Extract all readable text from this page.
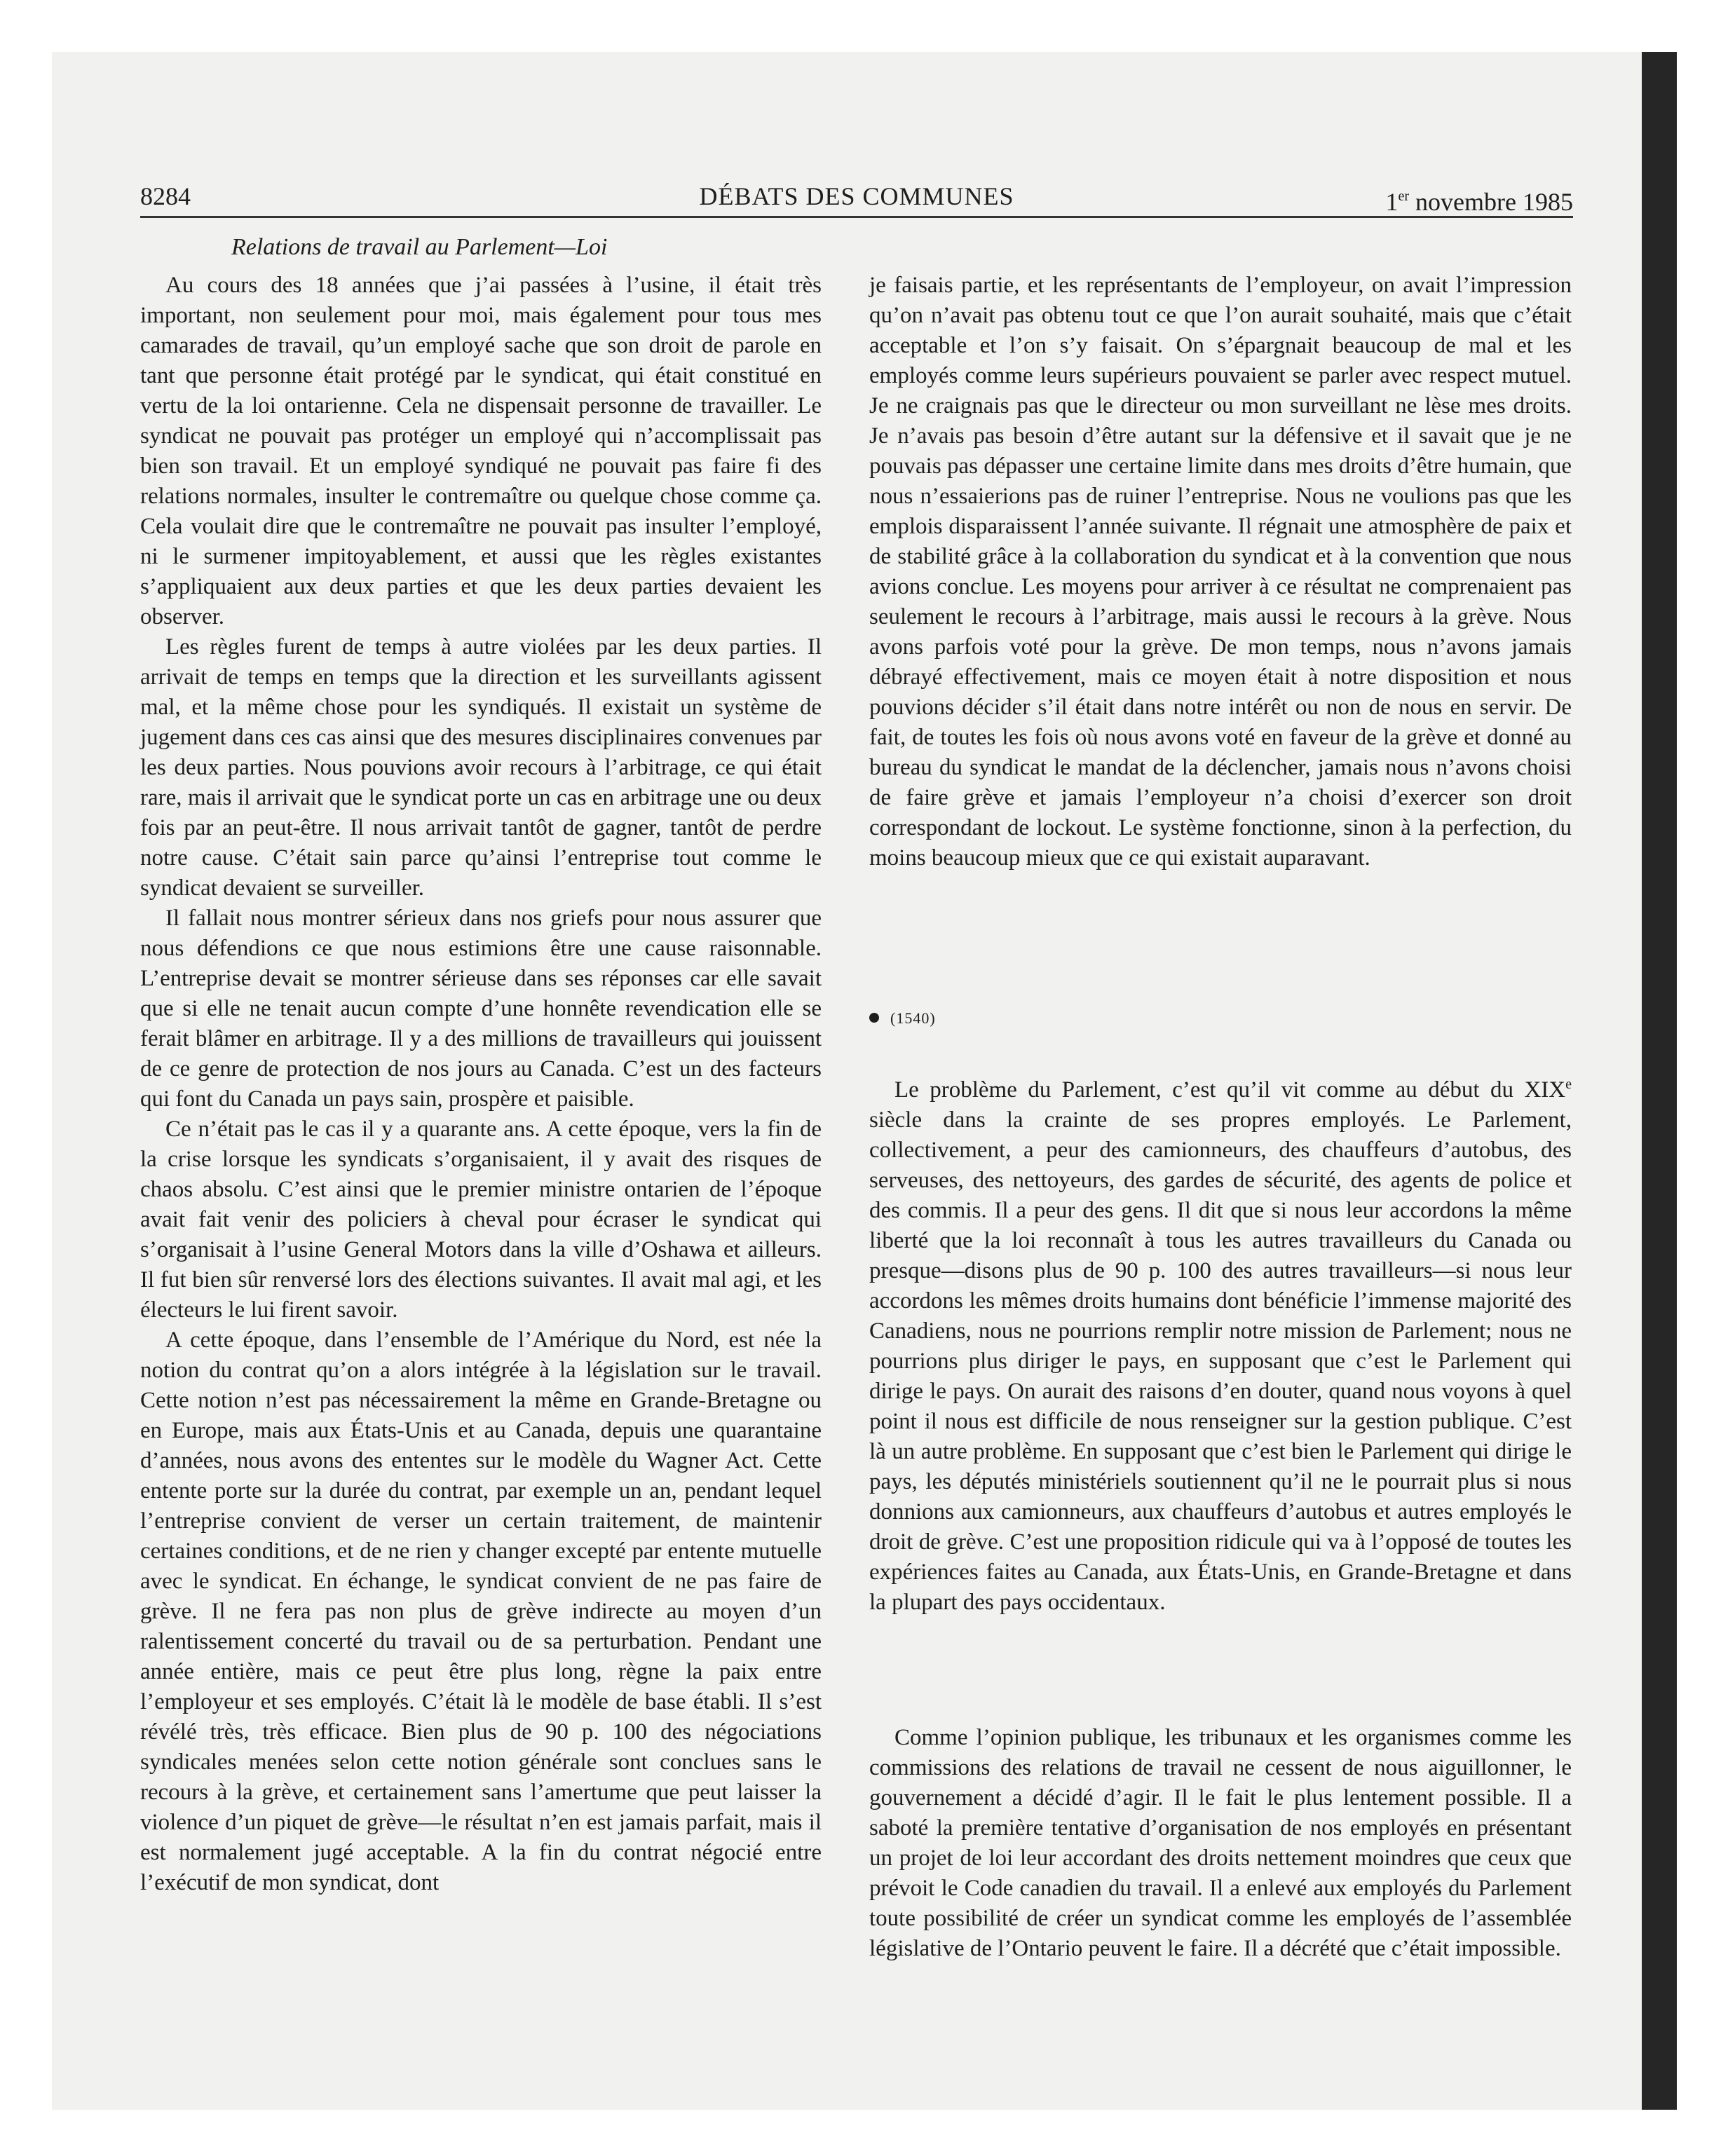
8284	DÉBATS DES COMMUNES	1er novembre 1985
Relations de travail au Parlement—Loi

Au cours des 18 années que j’ai passées à l’usine, il était très important, non seulement pour moi, mais également pour tous mes camarades de travail, qu’un employé sache que son droit de parole en tant que personne était protégé par le syndicat, qui était constitué en vertu de la loi ontarienne. Cela ne dispensait personne de travailler. Le syndicat ne pouvait pas protéger un employé qui n’accomplissait pas bien son travail. Et un employé syndiqué ne pouvait pas faire fi des relations normales, insulter le contremaître ou quelque chose comme ça. Cela voulait dire que le contremaître ne pouvait pas insulter l’employé, ni le surmener impitoyablement, et aussi que les règles existantes s’appliquaient aux deux parties et que les deux parties devaient les observer.

Les règles furent de temps à autre violées par les deux parties. Il arrivait de temps en temps que la direction et les surveillants agissent mal, et la même chose pour les syndiqués. Il existait un système de jugement dans ces cas ainsi que des mesures disciplinaires convenues par les deux parties. Nous pouvions avoir recours à l’arbitrage, ce qui était rare, mais il arrivait que le syndicat porte un cas en arbitrage une ou deux fois par an peut-être. Il nous arrivait tantôt de gagner, tantôt de perdre notre cause. C’était sain parce qu’ainsi l’entreprise tout comme le syndicat devaient se surveiller.

Il fallait nous montrer sérieux dans nos griefs pour nous assurer que nous défendions ce que nous estimions être une cause raisonnable. L’entreprise devait se montrer sérieuse dans ses réponses car elle savait que si elle ne tenait aucun compte d’une honnête revendication elle se ferait blâmer en arbitrage. Il y a des millions de travailleurs qui jouissent de ce genre de protection de nos jours au Canada. C’est un des facteurs qui font du Canada un pays sain, prospère et paisible.

Ce n’était pas le cas il y a quarante ans. A cette époque, vers la fin de la crise lorsque les syndicats s’organisaient, il y avait des risques de chaos absolu. C’est ainsi que le premier ministre ontarien de l’époque avait fait venir des policiers à cheval pour écraser le syndicat qui s’organisait à l’usine General Motors dans la ville d’Oshawa et ailleurs. Il fut bien sûr renversé lors des élections suivantes. Il avait mal agi, et les électeurs le lui firent savoir.

A cette époque, dans l’ensemble de l’Amérique du Nord, est née la notion du contrat qu’on a alors intégrée à la législation sur le travail. Cette notion n’est pas nécessairement la même en Grande-Bretagne ou en Europe, mais aux États-Unis et au Canada, depuis une quarantaine d’années, nous avons des ententes sur le modèle du Wagner Act. Cette entente porte sur la durée du contrat, par exemple un an, pendant lequel l’entreprise convient de verser un certain traitement, de maintenir certaines conditions, et de ne rien y changer excepté par entente mutuelle avec le syndicat. En échange, le syndicat convient de ne pas faire de grève. Il ne fera pas non plus de grève indirecte au moyen d’un ralentissement concerté du travail ou de sa perturbation. Pendant une année entière, mais ce peut être plus long, règne la paix entre l’employeur et ses employés. C’était là le modèle de base établi. Il s’est révélé très, très efficace. Bien plus de 90 p. 100 des négociations syndicales menées selon cette notion générale sont conclues sans le recours à la grève, et certainement sans l’amertume que peut laisser la violence d’un piquet de grève—le résultat n’en est jamais parfait, mais il est normalement jugé acceptable. A la fin du contrat négocié entre l’exécutif de mon syndicat, dont

je faisais partie, et les représentants de l’employeur, on avait l’impression qu’on n’avait pas obtenu tout ce que l’on aurait souhaité, mais que c’était acceptable et l’on s’y faisait. On s’épargnait beaucoup de mal et les employés comme leurs supérieurs pouvaient se parler avec respect mutuel. Je ne craignais pas que le directeur ou mon surveillant ne lèse mes droits. Je n’avais pas besoin d’être autant sur la défensive et il savait que je ne pouvais pas dépasser une certaine limite dans mes droits d’être humain, que nous n’essaierions pas de ruiner l’entreprise. Nous ne voulions pas que les emplois disparaissent l’année suivante. Il régnait une atmosphère de paix et de stabilité grâce à la collaboration du syndicat et à la convention que nous avions conclue. Les moyens pour arriver à ce résultat ne comprenaient pas seulement le recours à l’arbitrage, mais aussi le recours à la grève. Nous avons parfois voté pour la grève. De mon temps, nous n’avons jamais débrayé effectivement, mais ce moyen était à notre disposition et nous pouvions décider s’il était dans notre intérêt ou non de nous en servir. De fait, de toutes les fois où nous avons voté en faveur de la grève et donné au bureau du syndicat le mandat de la déclencher, jamais nous n’avons choisi de faire grève et jamais l’employeur n’a choisi d’exercer son droit correspondant de lockout. Le système fonctionne, sinon à la perfection, du moins beaucoup mieux que ce qui existait auparavant.

(1540)

Le problème du Parlement, c’est qu’il vit comme au début du XIXe siècle dans la crainte de ses propres employés. Le Parlement, collectivement, a peur des camionneurs, des chauffeurs d’autobus, des serveuses, des nettoyeurs, des gardes de sécurité, des agents de police et des commis. Il a peur des gens. Il dit que si nous leur accordons la même liberté que la loi reconnaît à tous les autres travailleurs du Canada ou presque—disons plus de 90 p. 100 des autres travailleurs—si nous leur accordons les mêmes droits humains dont bénéficie l’immense majorité des Canadiens, nous ne pourrions remplir notre mission de Parlement; nous ne pourrions plus diriger le pays, en supposant que c’est le Parlement qui dirige le pays. On aurait des raisons d’en douter, quand nous voyons à quel point il nous est difficile de nous renseigner sur la gestion publique. C’est là un autre problème. En supposant que c’est bien le Parlement qui dirige le pays, les députés ministériels soutiennent qu’il ne le pourrait plus si nous donnions aux camionneurs, aux chauffeurs d’autobus et autres employés le droit de grève. C’est une proposition ridicule qui va à l’opposé de toutes les expériences faites au Canada, aux États-Unis, en Grande-Bretagne et dans la plupart des pays occidentaux.

Comme l’opinion publique, les tribunaux et les organismes comme les commissions des relations de travail ne cessent de nous aiguillonner, le gouvernement a décidé d’agir. Il le fait le plus lentement possible. Il a saboté la première tentative d’organisation de nos employés en présentant un projet de loi leur accordant des droits nettement moindres que ceux que prévoit le Code canadien du travail. Il a enlevé aux employés du Parlement toute possibilité de créer un syndicat comme les employés de l’assemblée législative de l’Ontario peuvent le faire. Il a décrété que c’était impossible.
